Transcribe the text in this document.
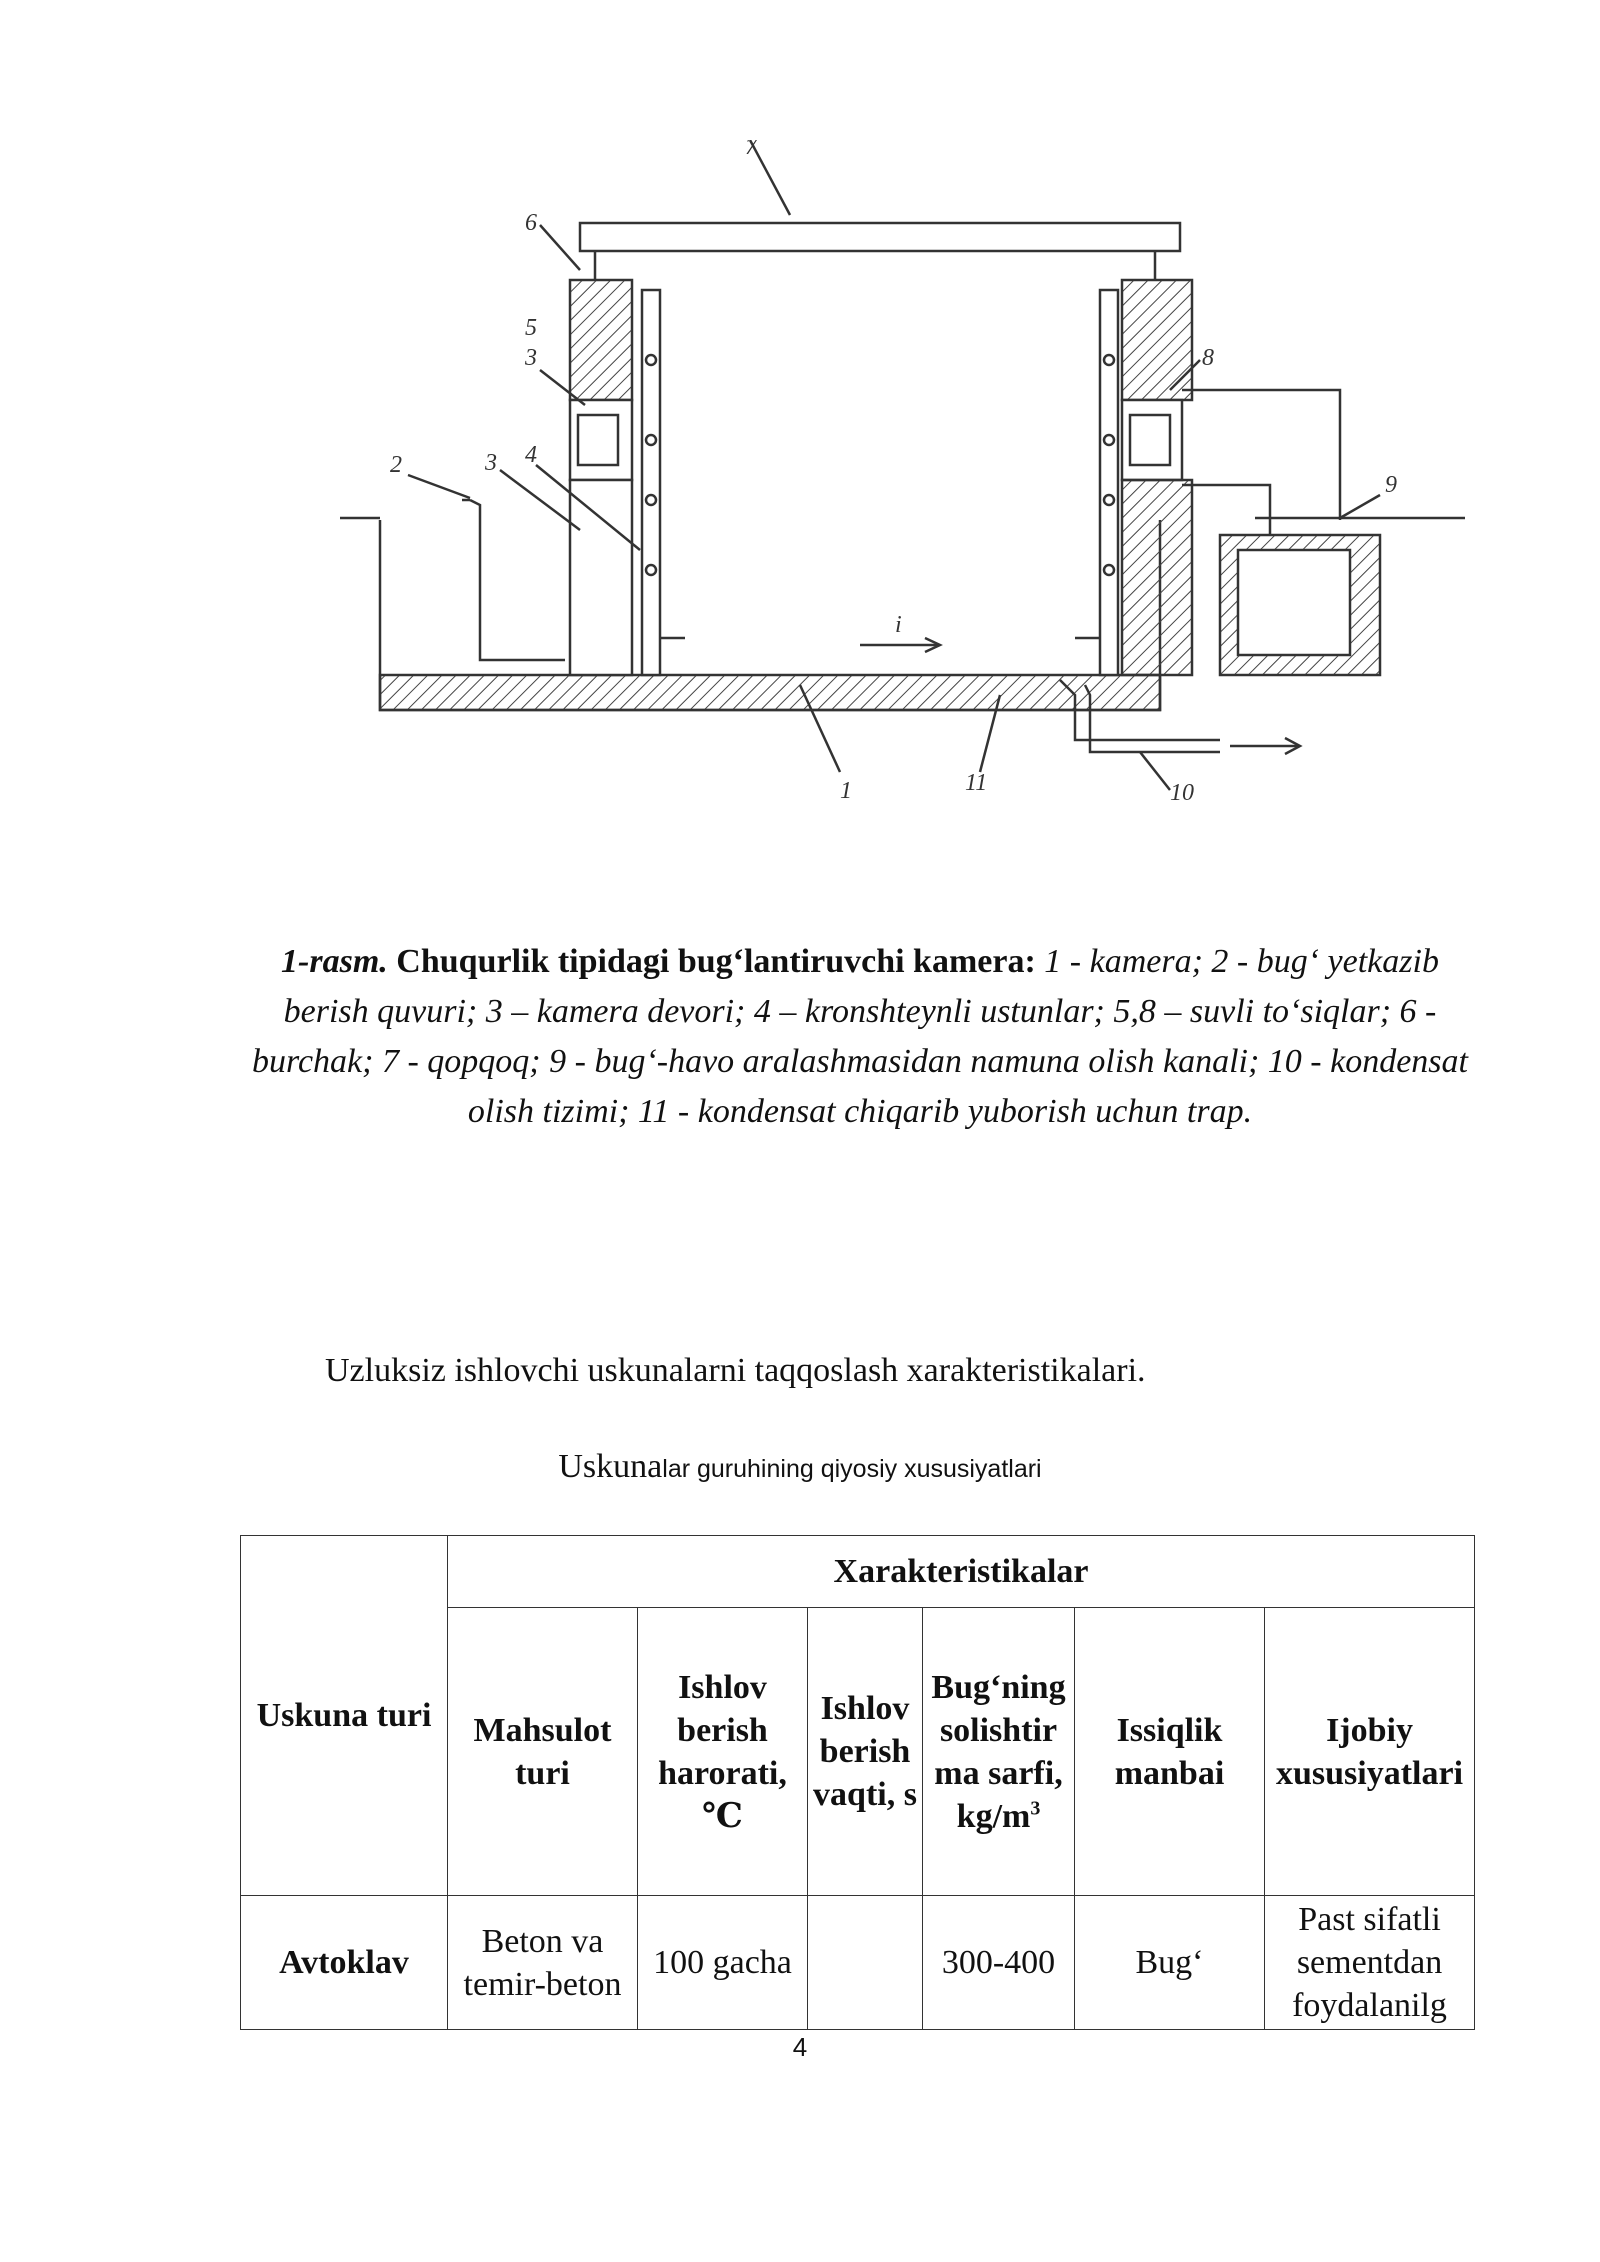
1
2	3
3
4
5
6
7
8
9
10
11
i
1-rasm. Chuqurlik tipidagi bug‘lantiruvchi kamera: 1 - kamera; 2 - bug‘ yetkazib berish quvuri; 3 – kamera devori; 4 – kronshteynli ustunlar; 5,8 – suvli to‘siqlar; 6 - burchak; 7 - qopqoq; 9 - bug‘-havo aralashmasidan namuna olish kanali; 10 - kondensat olish tizimi; 11 - kondensat chiqarib yuborish uchun trap.
Uzluksiz ishlovchi uskunalarni taqqoslash xarakteristikalari.
Uskunalar guruhining qiyosiy xususiyatlari
Uskuna turi	Xarakteristikalar					
	Mahsulot turi	Ishlov berish harorati, ℃	Ishlov berish vaqti, s	Bug‘ning solishtirma sarfi, $kg/m^3$	Issiqlik manbai	Ijobiy xususiyatlari
Avtoklav	Beton va temir-beton	100 gacha		300-400	Bug‘	Past sifatli sementdan foydalanilg
4
